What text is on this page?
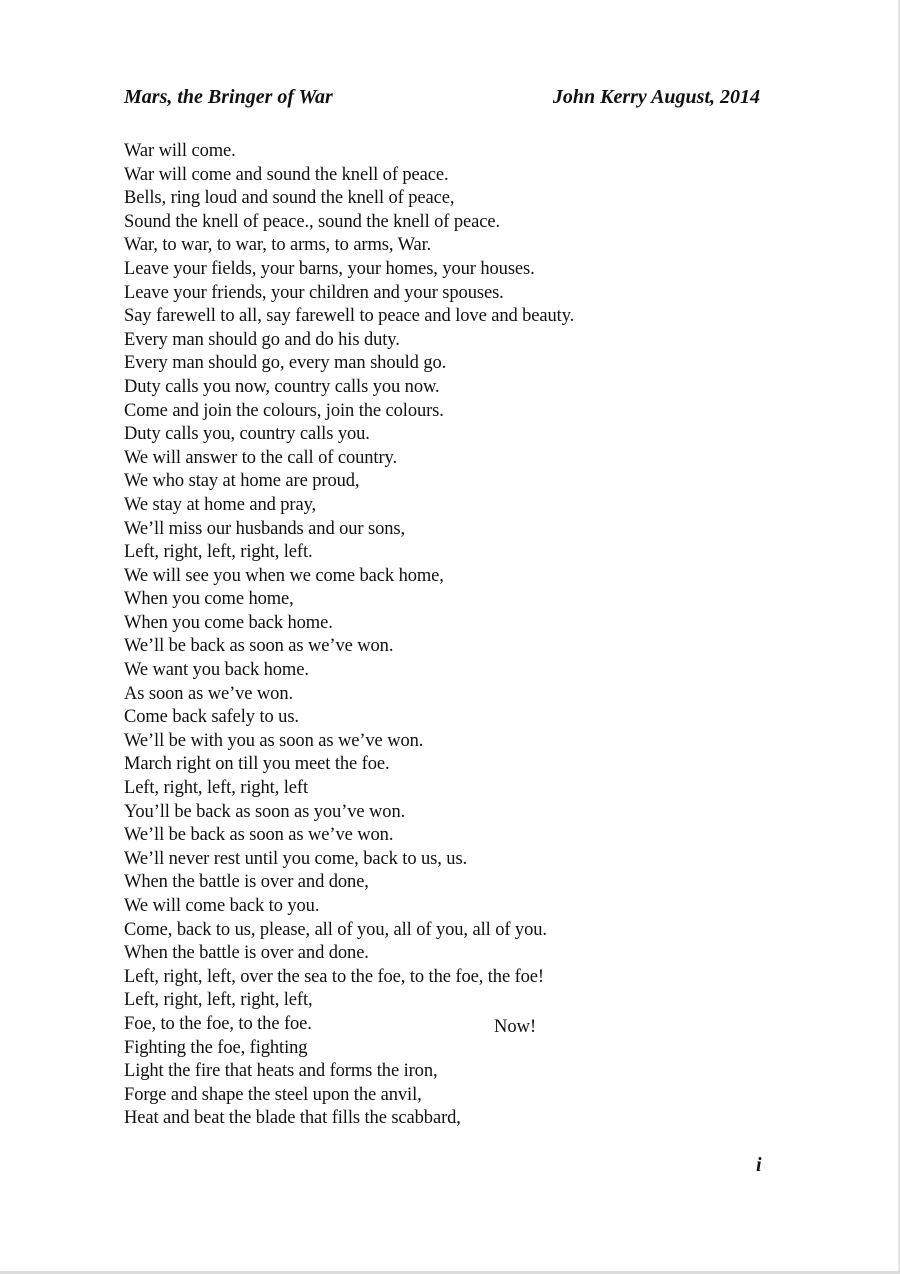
Mars, the Bringer of War	John Kerry August, 2014
War will come.
War will come and sound the knell of peace.
Bells, ring loud and sound the knell of peace,
Sound the knell of peace., sound the knell of peace.
War, to war, to war, to arms, to arms, War.
Leave your fields, your barns, your homes, your houses.
Leave your friends, your children and your spouses.
Say farewell to all, say farewell to peace and love and beauty.
Every man should go and do his duty.
Every man should go, every man should go.
Duty calls you now, country calls you now.
Come and join the colours, join the colours.
Duty calls you, country calls you.
We will answer to the call of country.
We who stay at home are proud,
We stay at home and pray,
We’ll miss our husbands and our sons,
Left, right, left, right, left.
We will see you when we come back home,
When you come home,
When you come back home.
We’ll be back as soon as we’ve won.
We want you back home.
As soon as we’ve won.
Come back safely to us.
We’ll be with you as soon as we’ve won.
March right on till you meet the foe.
Left, right, left, right, left
You’ll be back as soon as you’ve won.
We’ll be back as soon as we’ve won.
We’ll never rest until you come, back to us, us.
When the battle is over and done,
We will come back to you.
Come, back to us, please, all of you, all of you, all of you.
When the battle is over and done.
Left, right, left, over the sea to the foe, to the foe, the foe!
Left, right, left, right, left,
Foe, to the foe, to the foe.
Fighting the foe, fighting
Light the fire that heats and forms the iron,
Forge and shape the steel upon the anvil,
Heat and beat the blade that fills the scabbard,
Now!
i
